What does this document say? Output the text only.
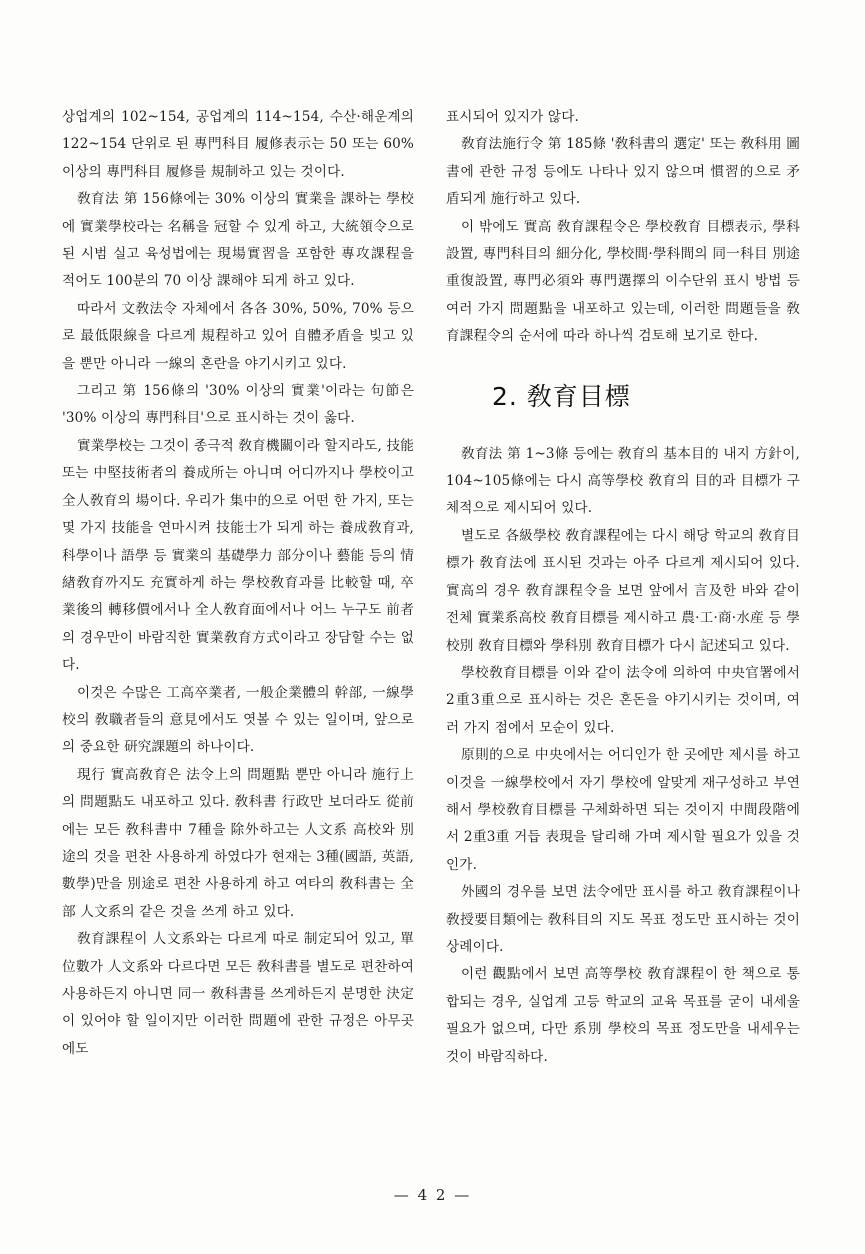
상업계의 102~154, 공업계의 114~154, 수산·해운계의 122~154 단위로 된 專門科目 履修表示는 50 또는 60% 이상의 專門科目 履修를 規制하고 있는 것이다.

敎育法 第 156條에는 30% 이상의 實業을 課하는 學校에 實業學校라는 名稱을 冠할 수 있게 하고, 大統領令으로 된 시범 실고 육성법에는 現場實習을 포함한 專攻課程을 적어도 100분의 70 이상 課해야 되게 하고 있다.

따라서 文敎法令 자체에서 各各 30%, 50%, 70% 등으로 最低限線을 다르게 規程하고 있어 自體矛盾을 빚고 있을 뿐만 아니라 一線의 혼란을 야기시키고 있다.

그리고 第 156條의 '30% 이상의 實業'이라는 句節은 '30% 이상의 專門科目'으로 표시하는 것이 옳다.

實業學校는 그것이 종극적 敎育機關이라 할지라도, 技能 또는 中堅技術者의 養成所는 아니며 어디까지나 學校이고 全人敎育의 場이다. 우리가 集中的으로 어떤 한 가지, 또는 몇 가지 技能을 연마시켜 技能士가 되게 하는 養成敎育과, 科學이나 語學 등 實業의 基礎學力 部分이나 藝能 등의 情緖敎育까지도 充實하게 하는 學校敎育과를 比較할 때, 卒業後의 轉移價에서나 全人敎育面에서나 어느 누구도 前者의 경우만이 바람직한 實業敎育方式이라고 장담할 수는 없다.

이것은 수많은 工高卒業者, 一般企業體의 幹部, 一線學校의 敎職者들의 意見에서도 엿볼 수 있는 일이며, 앞으로의 중요한 研究課題의 하나이다.

現行 實高敎育은 法令上의 問題點 뿐만 아니라 施行上의 問題點도 내포하고 있다. 敎科書 行政만 보더라도 從前에는 모든 敎科書中 7種을 除外하고는 人文系 高校와 別途의 것을 편찬 사용하게 하였다가 현재는 3種(國語, 英語, 數學)만을 別途로 편찬 사용하게 하고 여타의 敎科書는 全部 人文系의 같은 것을 쓰게 하고 있다.

敎育課程이 人文系와는 다르게 따로 制定되어 있고, 單位數가 人文系와 다르다면 모든 敎科書를 별도로 편찬하여 사용하든지 아니면 同一 敎科書를 쓰게하든지 분명한 決定이 있어야 할 일이지만 이러한 問題에 관한 규정은 아무곳에도

표시되어 있지가 않다.

敎育法施行令 第 185條 '敎科書의 選定' 또는 敎科用 圖書에 관한 규정 등에도 나타나 있지 않으며 慣習的으로 矛盾되게 施行하고 있다.

이 밖에도 實高 敎育課程令은 學校敎育 目標表示, 學科設置, 專門科目의 細分化, 學校間·學科間의 同一科目 別途重復設置, 專門必須와 專門選擇의 이수단위 표시 방법 등 여러 가지 問題點을 내포하고 있는데, 이러한 問題들을 敎育課程令의 순서에 따라 하나씩 검토해 보기로 한다.

2. 敎育目標

敎育法 第 1~3條 등에는 敎育의 基本目的 내지 方針이, 104~105條에는 다시 高等學校 敎育의 目的과 目標가 구체적으로 제시되어 있다.

별도로 各級學校 敎育課程에는 다시 해당 학교의 敎育目標가 敎育法에 표시된 것과는 아주 다르게 제시되어 있다. 實高의 경우 敎育課程令을 보면 앞에서 言及한 바와 같이 전체 實業系高校 敎育目標를 제시하고 農·工·商·水産 등 學校別 敎育目標와 學科別 敎育目標가 다시 記述되고 있다.

學校敎育目標를 이와 같이 法令에 의하여 中央官署에서 2重3重으로 표시하는 것은 혼돈을 야기시키는 것이며, 여러 가지 점에서 모순이 있다.

原則的으로 中央에서는 어디인가 한 곳에만 제시를 하고 이것을 一線學校에서 자기 學校에 알맞게 재구성하고 부연해서 學校敎育目標를 구체화하면 되는 것이지 中間段階에서 2重3重 거듭 表現을 달리해 가며 제시할 필요가 있을 것인가.

外國의 경우를 보면 法令에만 표시를 하고 敎育課程이나 敎授要目類에는 敎科目의 지도 목표 정도만 표시하는 것이 상례이다.

이런 觀點에서 보면 高等學校 敎育課程이 한 책으로 통합되는 경우, 실업계 고등 학교의 교육 목표를 굳이 내세울 필요가 없으며, 다만 系別 學校의 목표 정도만을 내세우는 것이 바람직하다.

— 4 2 —
